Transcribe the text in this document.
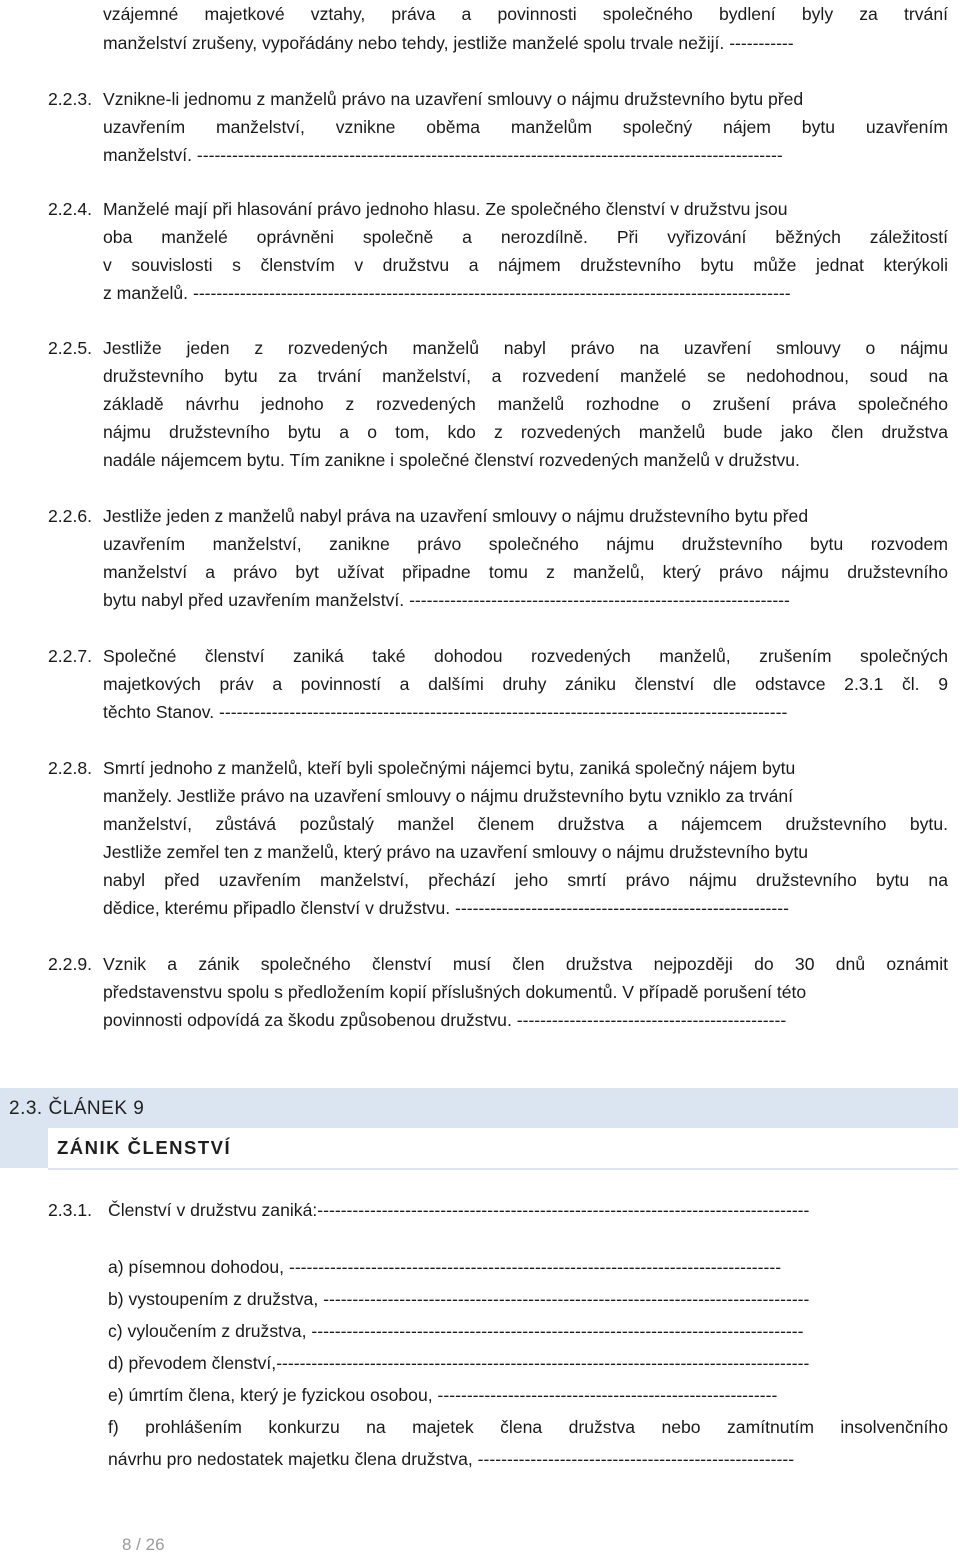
vzájemné majetkové vztahy, práva a povinnosti společného bydlení byly za trvání
manželství zrušeny, vypořádány nebo tehdy, jestliže manželé spolu trvale nežijí. -----------
2.2.3. Vznikne-li jednomu z manželů právo na uzavření smlouvy o nájmu družstevního bytu před
uzavřením manželství, vznikne oběma manželům společný nájem bytu uzavřením
manželství. ----------------------------------------------------------------------------------------------------
2.2.4. Manželé mají při hlasování právo jednoho hlasu. Ze společného členství v družstvu jsou
oba manželé oprávněni společně a nerozdílně. Při vyřizování běžných záležitostí
v souvislosti s členstvím v družstvu a nájmem družstevního bytu může jednat kterýkoli
z manželů. ------------------------------------------------------------------------------------------------------
2.2.5. Jestliže jeden z rozvedených manželů nabyl právo na uzavření smlouvy o nájmu
družstevního bytu za trvání manželství, a rozvedení manželé se nedohodnou, soud na
základě návrhu jednoho z rozvedených manželů rozhodne o zrušení práva společného
nájmu družstevního bytu a o tom, kdo z rozvedených manželů bude jako člen družstva
nadále nájemcem bytu. Tím zanikne i společné členství rozvedených manželů v družstvu.
2.2.6. Jestliže jeden z manželů nabyl práva na uzavření smlouvy o nájmu družstevního bytu před
uzavřením manželství, zanikne právo společného nájmu družstevního bytu rozvodem
manželství a právo byt užívat připadne tomu z manželů, který právo nájmu družstevního
bytu nabyl před uzavřením manželství. -----------------------------------------------------------------
2.2.7. Společné členství zaniká také dohodou rozvedených manželů, zrušením společných
majetkových práv a povinností a dalšími druhy zániku členství dle odstavce 2.3.1 čl. 9
těchto Stanov. -------------------------------------------------------------------------------------------------
2.2.8. Smrtí jednoho z manželů, kteří byli společnými nájemci bytu, zaniká společný nájem bytu
manžely. Jestliže právo na uzavření smlouvy o nájmu družstevního bytu vzniklo za trvání
manželství, zůstává pozůstalý manžel členem družstva a nájemcem družstevního bytu.
Jestliže zemřel ten z manželů, který právo na uzavření smlouvy o nájmu družstevního bytu
nabyl před uzavřením manželství, přechází jeho smrtí právo nájmu družstevního bytu na
dědice, kterému připadlo členství v družstvu. ---------------------------------------------------------
2.2.9. Vznik a zánik společného členství musí člen družstva nejpozději do 30 dnů oznámit
představenstvu spolu s předložením kopií příslušných dokumentů. V případě porušení této
povinnosti odpovídá za škodu způsobenou družstvu. ----------------------------------------------
2.3. ČLÁNEK 9
ZÁNIK ČLENSTVÍ
2.3.1. Členství v družstvu zaniká:------------------------------------------------------------------------------------
a) písemnou dohodou, ------------------------------------------------------------------------------------
b) vystoupením z družstva, -----------------------------------------------------------------------------------
c) vyloučením z družstva, ------------------------------------------------------------------------------------
d) převodem členství,-------------------------------------------------------------------------------------------
e) úmrtím člena, který je fyzickou osobou, ----------------------------------------------------------
f) prohlášením konkurzu na majetek člena družstva nebo zamítnutím insolvenčního
návrhu pro nedostatek majetku člena družstva, ------------------------------------------------------
8 / 26
